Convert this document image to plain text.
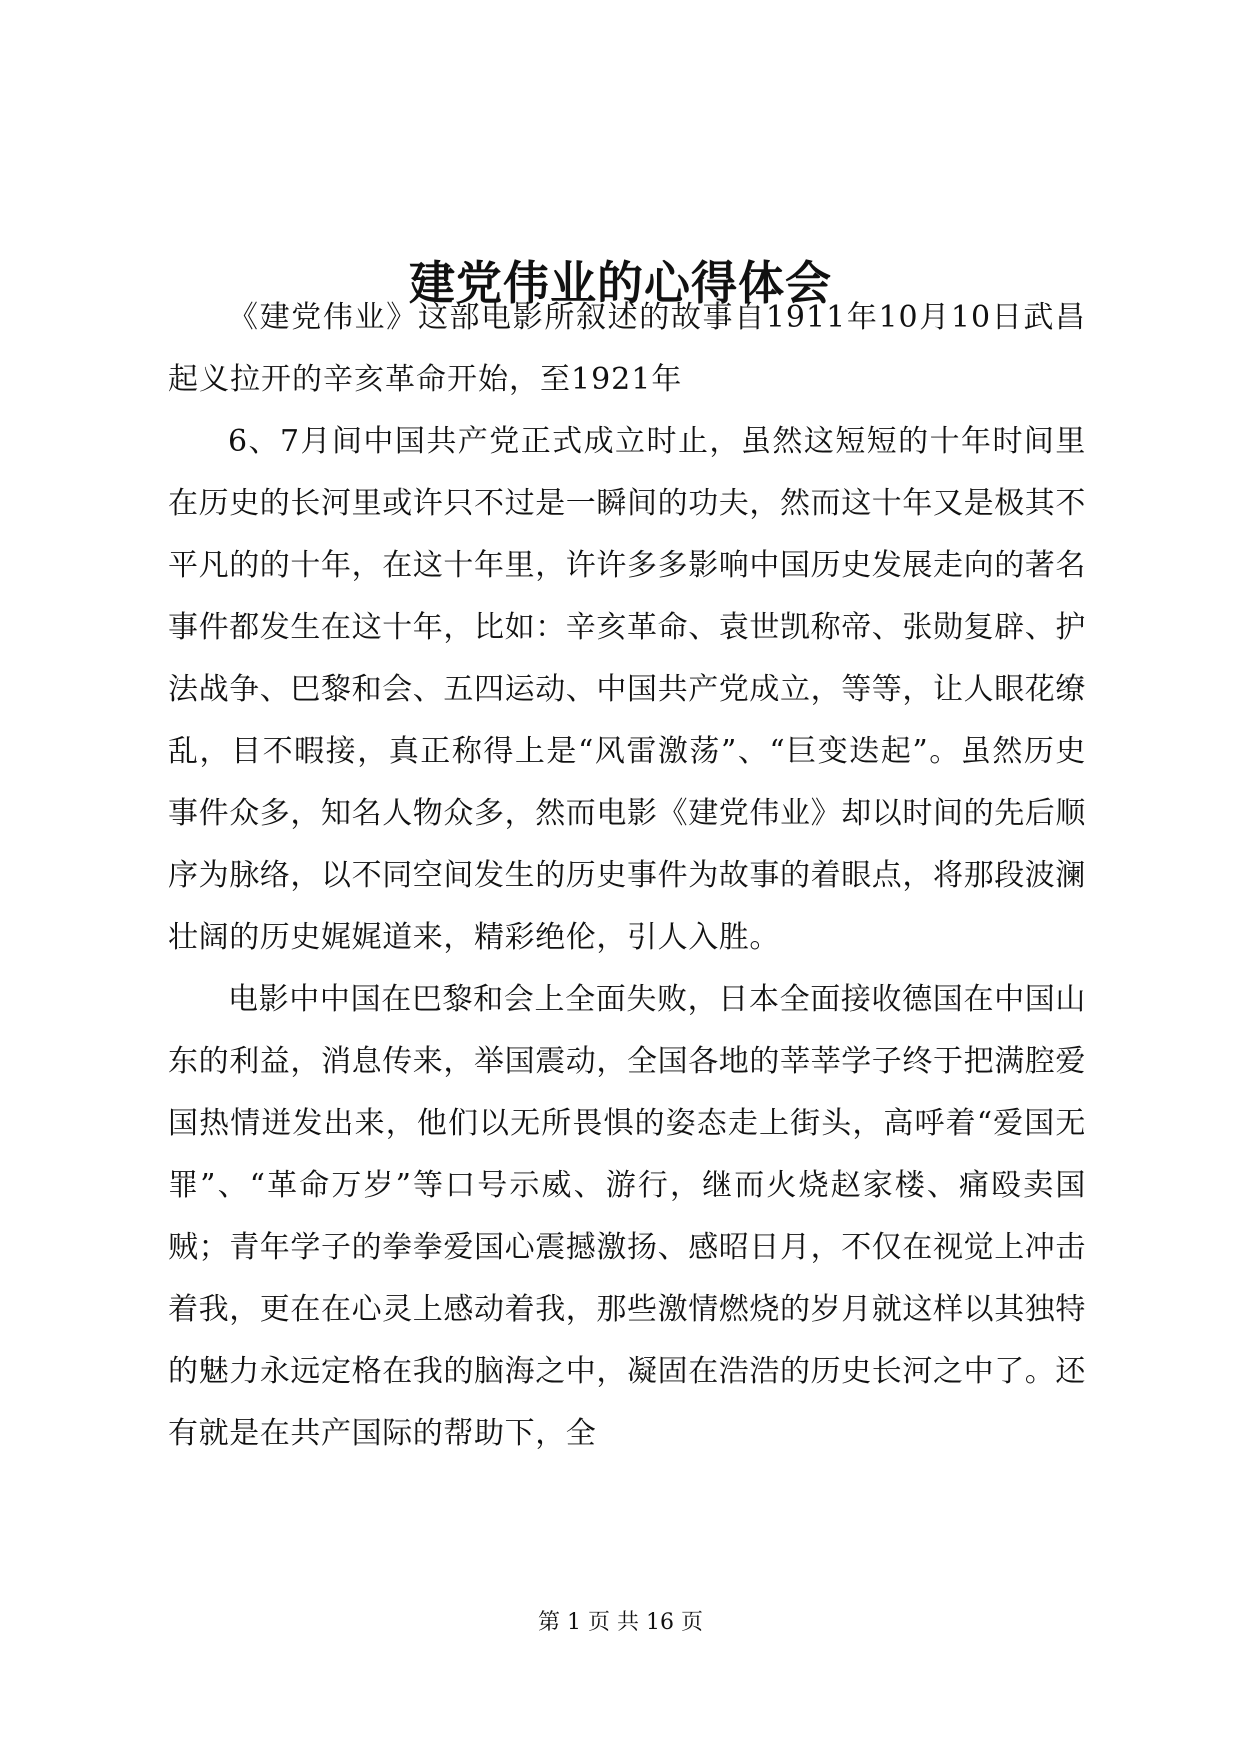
建党伟业的心得体会

《建党伟业》这部电影所叙述的故事自1911年10月10日武昌起义拉开的辛亥革命开始，至1921年

6、7月间中国共产党正式成立时止，虽然这短短的十年时间里在历史的长河里或许只不过是一瞬间的功夫，然而这十年又是极其不平凡的的十年，在这十年里，许许多多影响中国历史发展走向的著名事件都发生在这十年，比如：辛亥革命、袁世凯称帝、张勋复辟、护法战争、巴黎和会、五四运动、中国共产党成立，等等，让人眼花缭乱，目不暇接，真正称得上是“风雷激荡”、“巨变迭起”。虽然历史事件众多，知名人物众多，然而电影《建党伟业》却以时间的先后顺序为脉络，以不同空间发生的历史事件为故事的着眼点，将那段波澜壮阔的历史娓娓道来，精彩绝伦，引人入胜。

电影中中国在巴黎和会上全面失败，日本全面接收德国在中国山东的利益，消息传来，举国震动，全国各地的莘莘学子终于把满腔爱国热情迸发出来，他们以无所畏惧的姿态走上街头，高呼着“爱国无罪”、“革命万岁”等口号示威、游行，继而火烧赵家楼、痛殴卖国贼；青年学子的拳拳爱国心震撼激扬、感昭日月，不仅在视觉上冲击着我，更在在心灵上感动着我，那些激情燃烧的岁月就这样以其独特的魅力永远定格在我的脑海之中，凝固在浩浩的历史长河之中了。还有就是在共产国际的帮助下，全

第 1 页 共 16 页
